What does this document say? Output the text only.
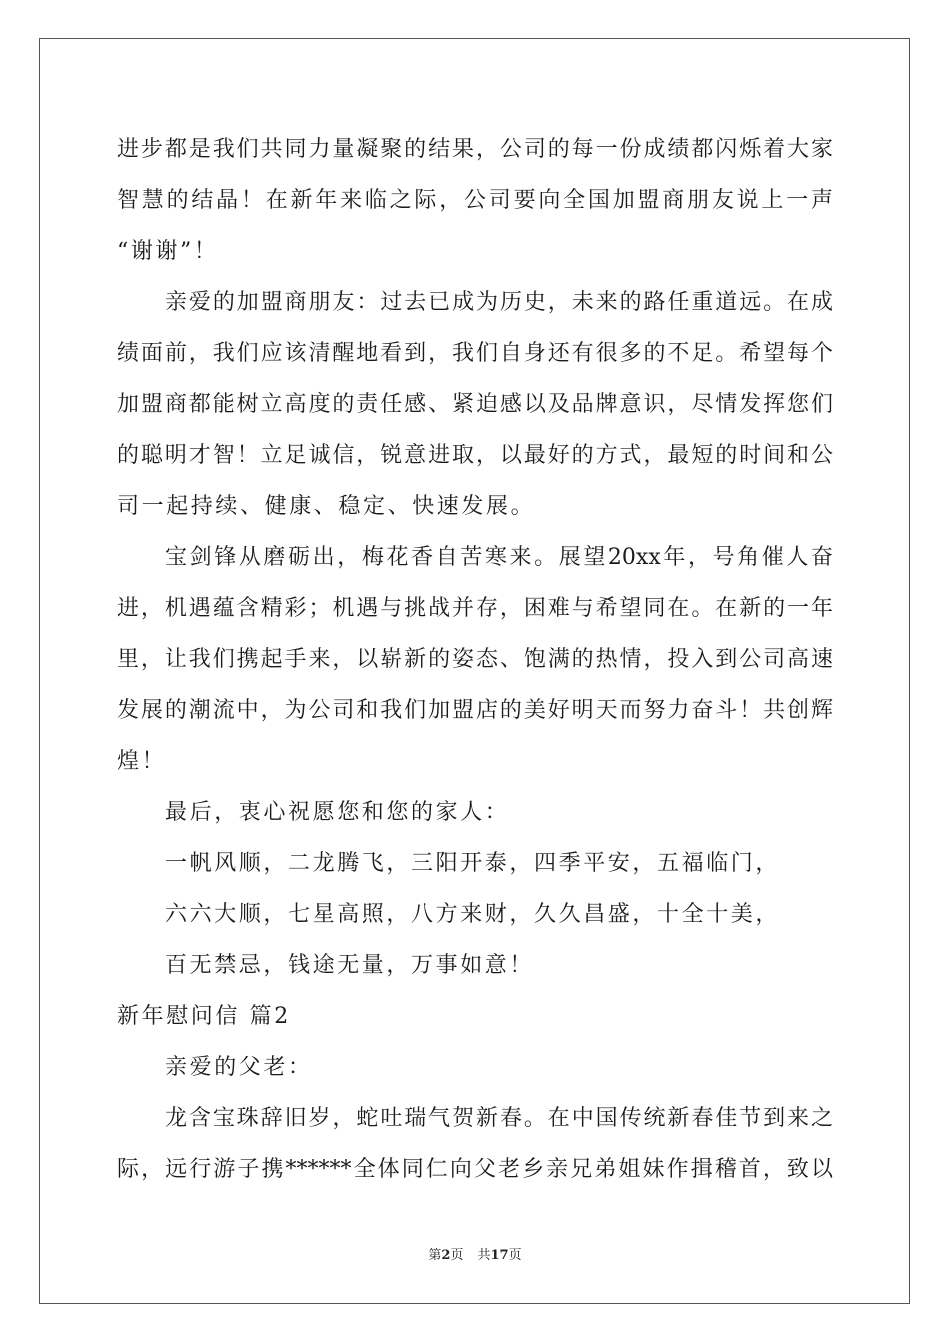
进步都是我们共同力量凝聚的结果，公司的每一份成绩都闪烁着大家
智慧的结晶！在新年来临之际，公司要向全国加盟商朋友说上一声
“谢谢”！
亲爱的加盟商朋友：过去已成为历史，未来的路任重道远。在成
绩面前，我们应该清醒地看到，我们自身还有很多的不足。希望每个
加盟商都能树立高度的责任感、紧迫感以及品牌意识，尽情发挥您们
的聪明才智！立足诚信，锐意进取，以最好的方式，最短的时间和公
司一起持续、健康、稳定、快速发展。
宝剑锋从磨砺出，梅花香自苦寒来。展望20xx年，号角催人奋
进，机遇蕴含精彩；机遇与挑战并存，困难与希望同在。在新的一年
里，让我们携起手来，以崭新的姿态、饱满的热情，投入到公司高速
发展的潮流中，为公司和我们加盟店的美好明天而努力奋斗！共创辉
煌！
最后，衷心祝愿您和您的家人：
一帆风顺，二龙腾飞，三阳开泰，四季平安，五福临门，
六六大顺，七星高照，八方来财，久久昌盛，十全十美，
百无禁忌，钱途无量，万事如意！
新年慰问信 篇2
亲爱的父老：
龙含宝珠辞旧岁，蛇吐瑞气贺新春。在中国传统新春佳节到来之
际，远行游子携******全体同仁向父老乡亲兄弟姐妹作揖稽首，致以
第2页 共17页
